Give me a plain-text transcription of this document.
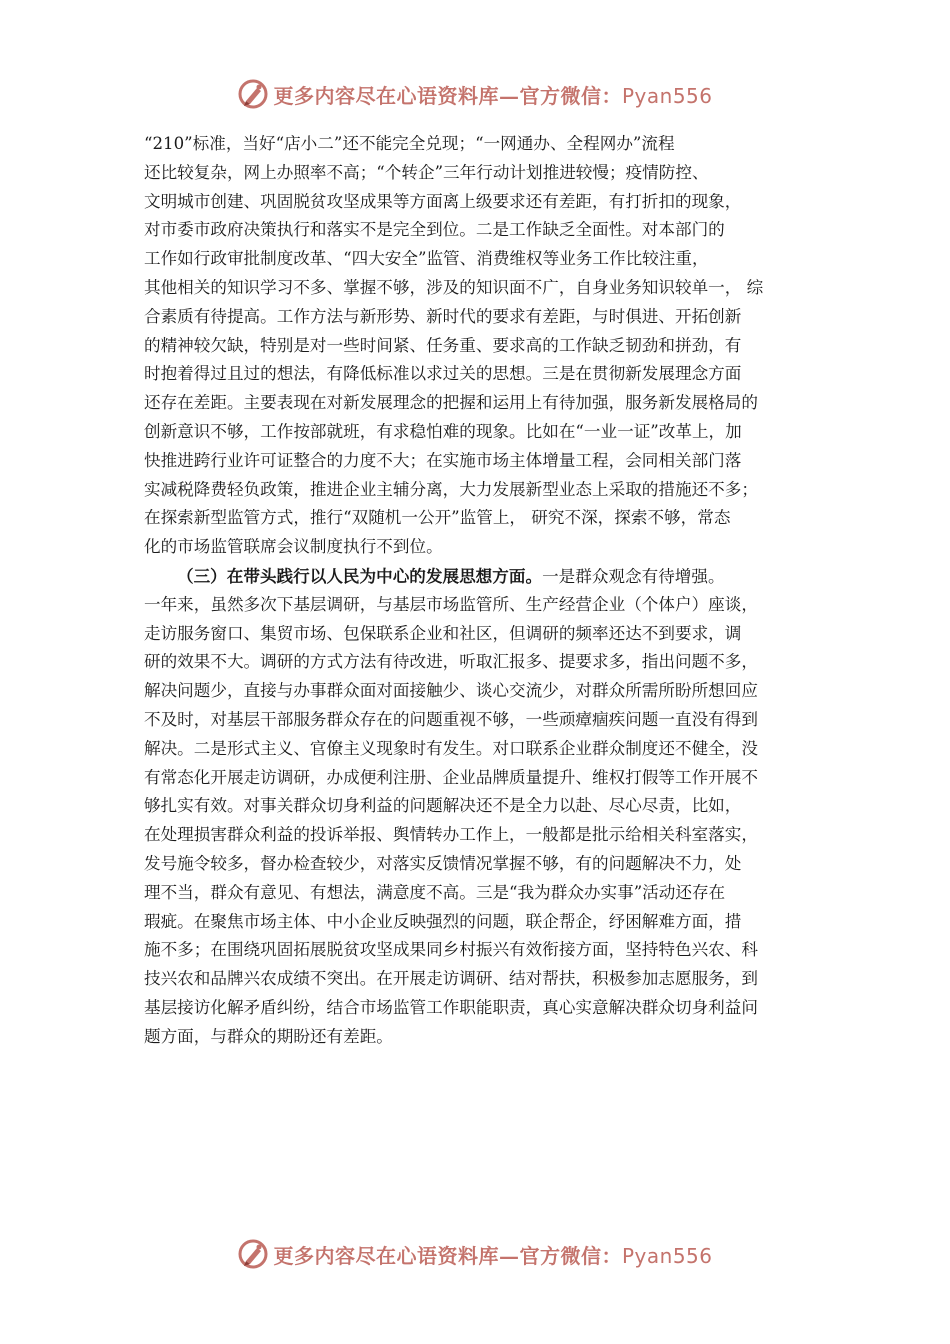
更多内容尽在心语资料库—官方微信：Pyan556
“210”标准，当好“店小二”还不能完全兑现；“一网通办、全程网办”流程
还比较复杂，网上办照率不高；“个转企”三年行动计划推进较慢；疫情防控、
文明城市创建、巩固脱贫攻坚成果等方面离上级要求还有差距，有打折扣的现象，
对市委市政府决策执行和落实不是完全到位。二是工作缺乏全面性。对本部门的
工作如行政审批制度改革、“四大安全”监管、消费维权等业务工作比较注重，
其他相关的知识学习不多、掌握不够，涉及的知识面不广，自身业务知识较单一， 综
合素质有待提高。工作方法与新形势、新时代的要求有差距，与时俱进、开拓创新
的精神较欠缺，特别是对一些时间紧、任务重、要求高的工作缺乏韧劲和拼劲，有
时抱着得过且过的想法，有降低标准以求过关的思想。三是在贯彻新发展理念方面
还存在差距。主要表现在对新发展理念的把握和运用上有待加强，服务新发展格局的
创新意识不够，工作按部就班，有求稳怕难的现象。比如在“一业一证”改革上，加
快推进跨行业许可证整合的力度不大；在实施市场主体增量工程，会同相关部门落
实减税降费轻负政策，推进企业主辅分离，大力发展新型业态上采取的措施还不多；
在探索新型监管方式，推行“双随机一公开”监管上， 研究不深，探索不够，常态
化的市场监管联席会议制度执行不到位。
（三）在带头践行以人民为中心的发展思想方面。一是群众观念有待增强。
一年来，虽然多次下基层调研，与基层市场监管所、生产经营企业（个体户）座谈，
走访服务窗口、集贸市场、包保联系企业和社区，但调研的频率还达不到要求，调
研的效果不大。调研的方式方法有待改进，听取汇报多、提要求多，指出问题不多，
解决问题少，直接与办事群众面对面接触少、谈心交流少，对群众所需所盼所想回应
不及时，对基层干部服务群众存在的问题重视不够，一些顽瘴痼疾问题一直没有得到
解决。二是形式主义、官僚主义现象时有发生。对口联系企业群众制度还不健全，没
有常态化开展走访调研，办成便利注册、企业品牌质量提升、维权打假等工作开展不
够扎实有效。对事关群众切身利益的问题解决还不是全力以赴、尽心尽责，比如，
在处理损害群众利益的投诉举报、舆情转办工作上，一般都是批示给相关科室落实，
发号施令较多，督办检查较少，对落实反馈情况掌握不够，有的问题解决不力，处
理不当，群众有意见、有想法，满意度不高。三是“我为群众办实事”活动还存在
瑕疵。在聚焦市场主体、中小企业反映强烈的问题，联企帮企，纾困解难方面，措
施不多；在围绕巩固拓展脱贫攻坚成果同乡村振兴有效衔接方面，坚持特色兴农、科
技兴农和品牌兴农成绩不突出。在开展走访调研、结对帮扶，积极参加志愿服务，到
基层接访化解矛盾纠纷，结合市场监管工作职能职责，真心实意解决群众切身利益问
题方面，与群众的期盼还有差距。
更多内容尽在心语资料库—官方微信：Pyan556
